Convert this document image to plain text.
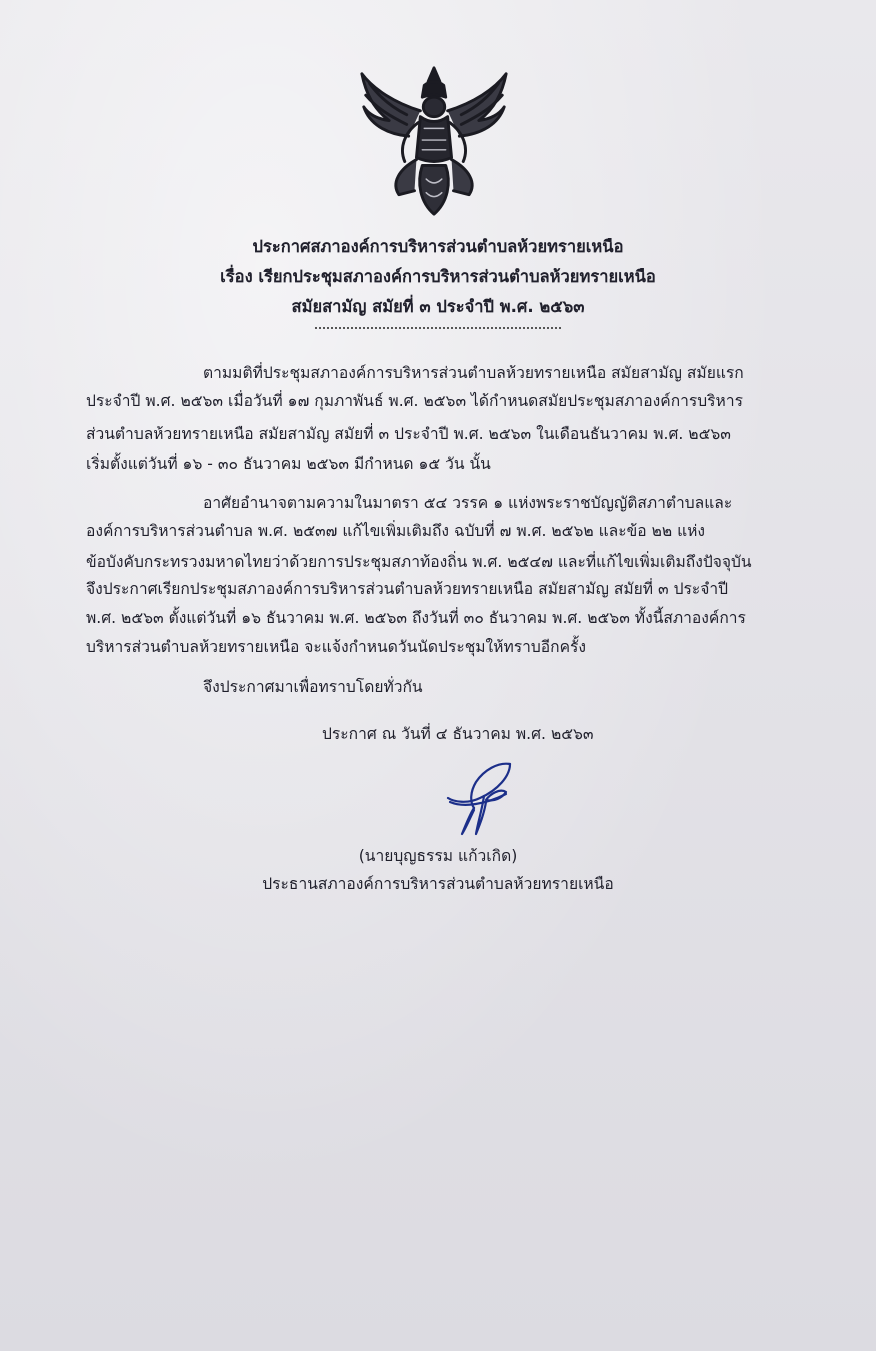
ประกาศสภาองค์การบริหารส่วนตำบลห้วยทรายเหนือ
เรื่อง เรียกประชุมสภาองค์การบริหารส่วนตำบลห้วยทรายเหนือ
สมัยสามัญ สมัยที่ ๓ ประจำปี พ.ศ. ๒๕๖๓
ตามมติที่ประชุมสภาองค์การบริหารส่วนตำบลห้วยทรายเหนือ สมัยสามัญ สมัยแรก
ประจำปี พ.ศ. ๒๕๖๓ เมื่อวันที่ ๑๗ กุมภาพันธ์ พ.ศ. ๒๕๖๓ ได้กำหนดสมัยประชุมสภาองค์การบริหาร
ส่วนตำบลห้วยทรายเหนือ สมัยสามัญ สมัยที่ ๓ ประจำปี พ.ศ. ๒๕๖๓ ในเดือนธันวาคม พ.ศ. ๒๕๖๓
เริ่มตั้งแต่วันที่ ๑๖ - ๓๐ ธันวาคม ๒๕๖๓ มีกำหนด ๑๕ วัน นั้น
อาศัยอำนาจตามความในมาตรา ๕๔ วรรค ๑ แห่งพระราชบัญญัติสภาตำบลและ
องค์การบริหารส่วนตำบล พ.ศ. ๒๕๓๗ แก้ไขเพิ่มเติมถึง ฉบับที่ ๗ พ.ศ. ๒๕๖๒ และข้อ ๒๒ แห่ง
ข้อบังคับกระทรวงมหาดไทยว่าด้วยการประชุมสภาท้องถิ่น พ.ศ. ๒๕๔๗ และที่แก้ไขเพิ่มเติมถึงปัจจุบัน
จึงประกาศเรียกประชุมสภาองค์การบริหารส่วนตำบลห้วยทรายเหนือ สมัยสามัญ สมัยที่ ๓ ประจำปี
พ.ศ. ๒๕๖๓ ตั้งแต่วันที่ ๑๖ ธันวาคม พ.ศ. ๒๕๖๓ ถึงวันที่ ๓๐ ธันวาคม พ.ศ. ๒๕๖๓ ทั้งนี้สภาองค์การ
บริหารส่วนตำบลห้วยทรายเหนือ จะแจ้งกำหนดวันนัดประชุมให้ทราบอีกครั้ง
จึงประกาศมาเพื่อทราบโดยทั่วกัน
ประกาศ ณ วันที่ ๔ ธันวาคม พ.ศ. ๒๕๖๓
(นายบุญธรรม แก้วเกิด)
ประธานสภาองค์การบริหารส่วนตำบลห้วยทรายเหนือ
